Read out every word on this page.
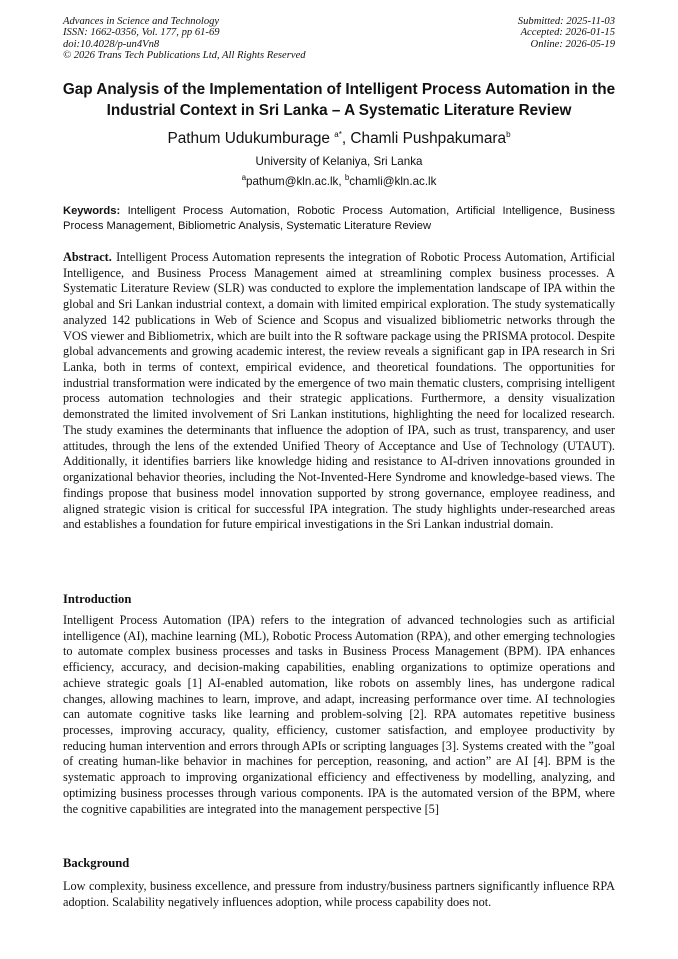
Advances in Science and Technology
ISSN: 1662-0356, Vol. 177, pp 61-69
doi:10.4028/p-un4Vn8
© 2026 Trans Tech Publications Ltd, All Rights Reserved
Submitted: 2025-11-03
Accepted: 2026-01-15
Online: 2026-05-19
Gap Analysis of the Implementation of Intelligent Process Automation in the Industrial Context in Sri Lanka – A Systematic Literature Review
Pathum Udukumburage $^{a*}$, Chamli Pushpakumara$^b$
University of Kelaniya, Sri Lanka
$^a$pathum@kln.ac.lk, $^b$chamli@kln.ac.lk
Keywords: Intelligent Process Automation, Robotic Process Automation, Artificial Intelligence, Business Process Management, Bibliometric Analysis, Systematic Literature Review
Abstract. Intelligent Process Automation represents the integration of Robotic Process Automation, Artificial Intelligence, and Business Process Management aimed at streamlining complex business processes. A Systematic Literature Review (SLR) was conducted to explore the implementation landscape of IPA within the global and Sri Lankan industrial context, a domain with limited empirical exploration. The study systematically analyzed 142 publications in Web of Science and Scopus and visualized bibliometric networks through the VOS viewer and Bibliometrix, which are built into the R software package using the PRISMA protocol. Despite global advancements and growing academic interest, the review reveals a significant gap in IPA research in Sri Lanka, both in terms of context, empirical evidence, and theoretical foundations. The opportunities for industrial transformation were indicated by the emergence of two main thematic clusters, comprising intelligent process automation technologies and their strategic applications. Furthermore, a density visualization demonstrated the limited involvement of Sri Lankan institutions, highlighting the need for localized research. The study examines the determinants that influence the adoption of IPA, such as trust, transparency, and user attitudes, through the lens of the extended Unified Theory of Acceptance and Use of Technology (UTAUT). Additionally, it identifies barriers like knowledge hiding and resistance to AI-driven innovations grounded in organizational behavior theories, including the Not-Invented-Here Syndrome and knowledge-based views. The findings propose that business model innovation supported by strong governance, employee readiness, and aligned strategic vision is critical for successful IPA integration. The study highlights under-researched areas and establishes a foundation for future empirical investigations in the Sri Lankan industrial domain.
Introduction

Intelligent Process Automation (IPA) refers to the integration of advanced technologies such as artificial intelligence (AI), machine learning (ML), Robotic Process Automation (RPA), and other emerging technologies to automate complex business processes and tasks in Business Process Management (BPM). IPA enhances efficiency, accuracy, and decision-making capabilities, enabling organizations to optimize operations and achieve strategic goals [1] AI-enabled automation, like robots on assembly lines, has undergone radical changes, allowing machines to learn, improve, and adapt, increasing performance over time. AI technologies can automate cognitive tasks like learning and problem-solving [2]. RPA automates repetitive business processes, improving accuracy, quality, efficiency, customer satisfaction, and employee productivity by reducing human intervention and errors through APIs or scripting languages [3]. Systems created with the ”goal of creating human-like behavior in machines for perception, reasoning, and action” are AI [4]. BPM is the systematic approach to improving organizational efficiency and effectiveness by modelling, analyzing, and optimizing business processes through various components. IPA is the automated version of the BPM, where the cognitive capabilities are integrated into the management perspective [5]

Background

Low complexity, business excellence, and pressure from industry/business partners significantly influence RPA adoption. Scalability negatively influences adoption, while process capability does not.
